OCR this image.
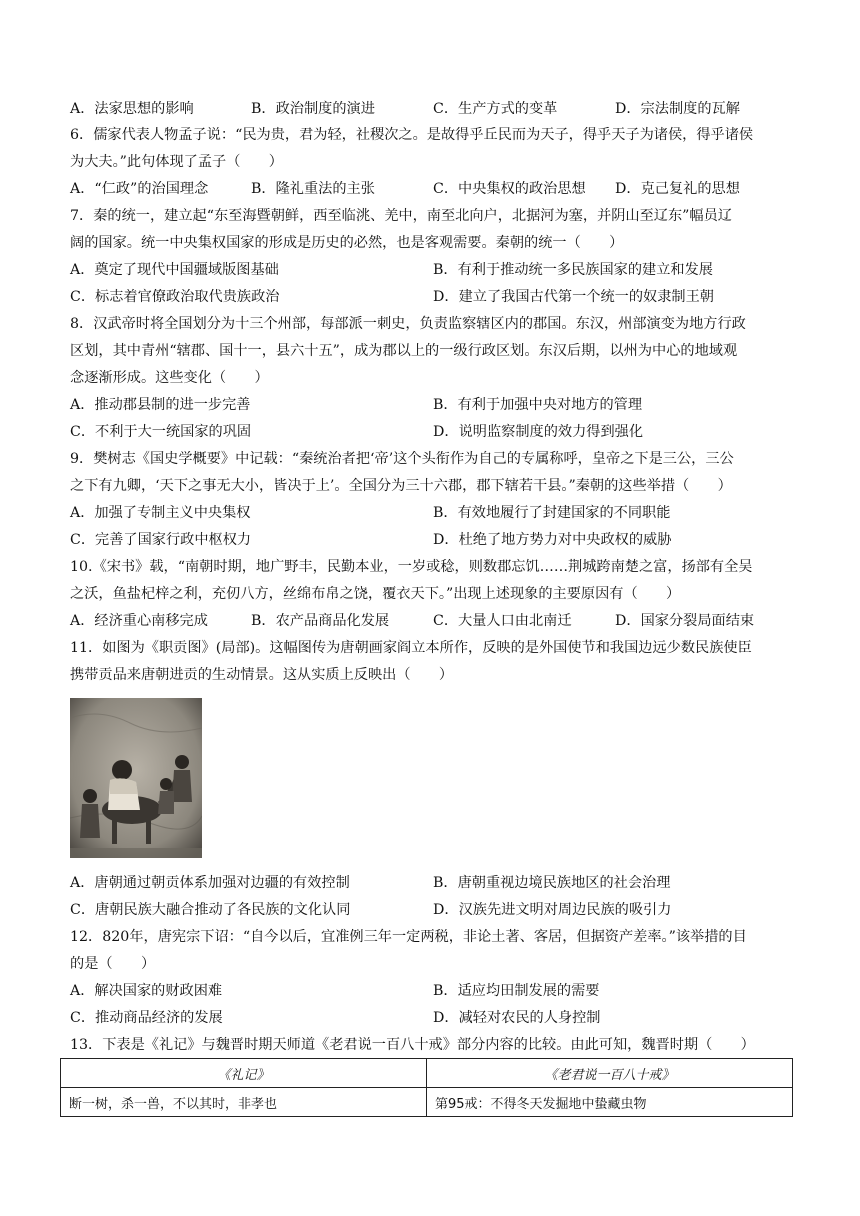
A．法家思想的影响	B．政治制度的演进	C．生产方式的变革	D．宗法制度的瓦解
6．儒家代表人物孟子说：“民为贵，君为轻，社稷次之。是故得乎丘民而为天子，得乎天子为诸侯，得乎诸侯
为大夫。”此句体现了孟子（　　）
A．“仁政”的治国理念	B．隆礼重法的主张	C．中央集权的政治思想 D．克己复礼的思想
7．秦的统一，建立起“东至海暨朝鲜，西至临洮、羌中，南至北向户，北据河为塞，并阴山至辽东”幅员辽
阔的国家。统一中央集权国家的形成是历史的必然，也是客观需要。秦朝的统一（　　）
A．奠定了现代中国疆域版图基础	B．有利于推动统一多民族国家的建立和发展
C．标志着官僚政治取代贵族政治	D．建立了我国古代第一个统一的奴隶制王朝
8．汉武帝时将全国划分为十三个州部，每部派一刺史，负责监察辖区内的郡国。东汉，州部演变为地方行政
区划，其中青州“辖郡、国十一，县六十五”，成为郡以上的一级行政区划。东汉后期，以州为中心的地域观
念逐渐形成。这些变化（　　）
A．推动郡县制的进一步完善	B．有利于加强中央对地方的管理
C．不利于大一统国家的巩固	D．说明监察制度的效力得到强化
9．樊树志《国史学概要》中记载：“秦统治者把‘帝’这个头衔作为自己的专属称呼，皇帝之下是三公，三公
之下有九卿，‘天下之事无大小，皆决于上’。全国分为三十六郡，郡下辖若干县。”秦朝的这些举措（　　）
A．加强了专制主义中央集权	B．有效地履行了封建国家的不同职能
C．完善了国家行政中枢权力	D．杜绝了地方势力对中央政权的威胁
10.《宋书》载，“南朝时期，地广野丰，民勤本业，一岁或稔，则数郡忘饥……荆城跨南楚之富，扬部有全吴
之沃，鱼盐杞梓之利，充仞八方，丝绵布帛之饶，覆衣天下。”出现上述现象的主要原因有（　　）
A．经济重心南移完成	B．农产品商品化发展	C．大量人口由北南迁	D．国家分裂局面结束
11．如图为《职贡图》(局部)。这幅图传为唐朝画家阎立本所作，反映的是外国使节和我国边远少数民族使臣
携带贡品来唐朝进贡的生动情景。这从实质上反映出（　　）
A．唐朝通过朝贡体系加强对边疆的有效控制	B．唐朝重视边境民族地区的社会治理
C．唐朝民族大融合推动了各民族的文化认同	D．汉族先进文明对周边民族的吸引力
12．820年，唐宪宗下诏：“自今以后，宜准例三年一定两税，非论土著、客居，但据资产差率。”该举措的目
的是（　　）
A．解决国家的财政困难	B．适应均田制发展的需要
C．推动商品经济的发展	D．减轻对农民的人身控制
13．下表是《礼记》与魏晋时期天师道《老君说一百八十戒》部分内容的比较。由此可知，魏晋时期（　　）
《礼记》	《老君说一百八十戒》
断一树，杀一兽，不以其时，非孝也	第95戒：不得冬天发掘地中蛰藏虫物
